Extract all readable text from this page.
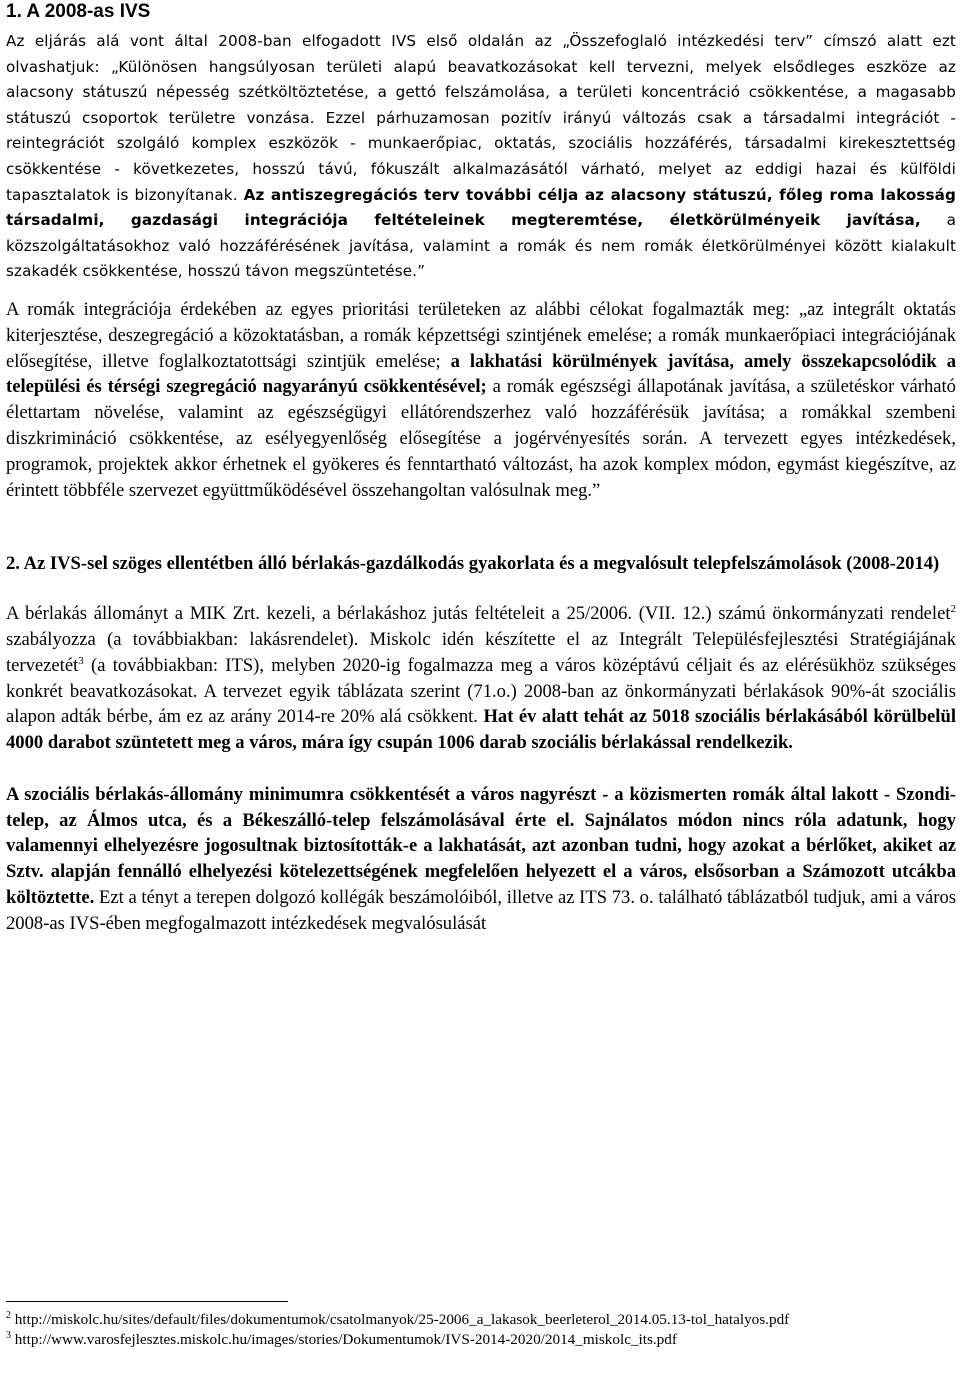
1. A 2008-as IVS

Az eljárás alá vont által 2008-ban elfogadott IVS első oldalán az „Összefoglaló intézkedési terv” címszó alatt ezt olvashatjuk: „Különösen hangsúlyosan területi alapú beavatkozásokat kell tervezni, melyek elsődleges eszköze az alacsony státuszú népesség szétköltöztetése, a gettó felszámolása, a területi koncentráció csökkentése, a magasabb státuszú csoportok területre vonzása. Ezzel párhuzamosan pozitív irányú változás csak a társadalmi integrációt - reintegrációt szolgáló komplex eszközök - munkaerőpiac, oktatás, szociális hozzáférés, társadalmi kirekesztettség csökkentése - következetes, hosszú távú, fókuszált alkalmazásától várható, melyet az eddigi hazai és külföldi tapasztalatok is bizonyítanak. Az antiszegregációs terv további célja az alacsony státuszú, főleg roma lakosság társadalmi, gazdasági integrációja feltételeinek megteremtése, életkörülményeik javítása, a közszolgáltatásokhoz való hozzáférésének javítása, valamint a romák és nem romák életkörülményei között kialakult szakadék csökkentése, hosszú távon megszüntetése.”

A romák integrációja érdekében az egyes prioritási területeken az alábbi célokat fogalmazták meg: „az integrált oktatás kiterjesztése, deszegregáció a közoktatásban, a romák képzettségi szintjének emelése; a romák munkaerőpiaci integrációjának elősegítése, illetve foglalkoztatottsági szintjük emelése; a lakhatási körülmények javítása, amely összekapcsolódik a települési és térségi szegregáció nagyarányú csökkentésével; a romák egészségi állapotának javítása, a születéskor várható élettartam növelése, valamint az egészségügyi ellátórendszerhez való hozzáférésük javítása; a romákkal szembeni diszkrimináció csökkentése, az esélyegyenlőség elősegítése a jogérvényesítés során. A tervezett egyes intézkedések, programok, projektek akkor érhetnek el gyökeres és fenntartható változást, ha azok komplex módon, egymást kiegészítve, az érintett többféle szervezet együttműködésével összehangoltan valósulnak meg.”

2. Az IVS-sel szöges ellentétben álló bérlakás-gazdálkodás gyakorlata és a megvalósult telepfelszámolások (2008-2014)

A bérlakás állományt a MIK Zrt. kezeli, a bérlakáshoz jutás feltételeit a 25/2006. (VII. 12.) számú önkormányzati rendelet$^2$ szabályozza (a továbbiakban: lakásrendelet). Miskolc idén készítette el az Integrált Településfejlesztési Stratégiájának tervezetét$^3$ (a továbbiakban: ITS), melyben 2020-ig fogalmazza meg a város középtávú céljait és az elérésükhöz szükséges konkrét beavatkozásokat. A tervezet egyik táblázata szerint (71.o.) 2008-ban az önkormányzati bérlakások 90%-át szociális alapon adták bérbe, ám ez az arány 2014-re 20% alá csökkent. Hat év alatt tehát az 5018 szociális bérlakásából körülbelül 4000 darabot szüntetett meg a város, mára így csupán 1006 darab szociális bérlakással rendelkezik.

A szociális bérlakás-állomány minimumra csökkentését a város nagyrészt - a közismerten romák által lakott - Szondi-telep, az Álmos utca, és a Békeszálló-telep felszámolásával érte el. Sajnálatos módon nincs róla adatunk, hogy valamennyi elhelyezésre jogosultnak biztosították-e a lakhatását, azt azonban tudni, hogy azokat a bérlőket, akiket az Sztv. alapján fennálló elhelyezési kötelezettségének megfelelően helyezett el a város, elsősorban a Számozott utcákba költöztette. Ezt a tényt a terepen dolgozó kollégák beszámolóiból, illetve az ITS 73. o. található táblázatból tudjuk, ami a város 2008-as IVS-ében megfogalmazott intézkedések megvalósulását

$^2$ http://miskolc.hu/sites/default/files/dokumentumok/csatolmanyok/25-2006_a_lakasok_beerleterol_2014.05.13-tol_hatalyos.pdf

$^3$ http://www.varosfejlesztes.miskolc.hu/images/stories/Dokumentumok/IVS-2014-2020/2014_miskolc_its.pdf
